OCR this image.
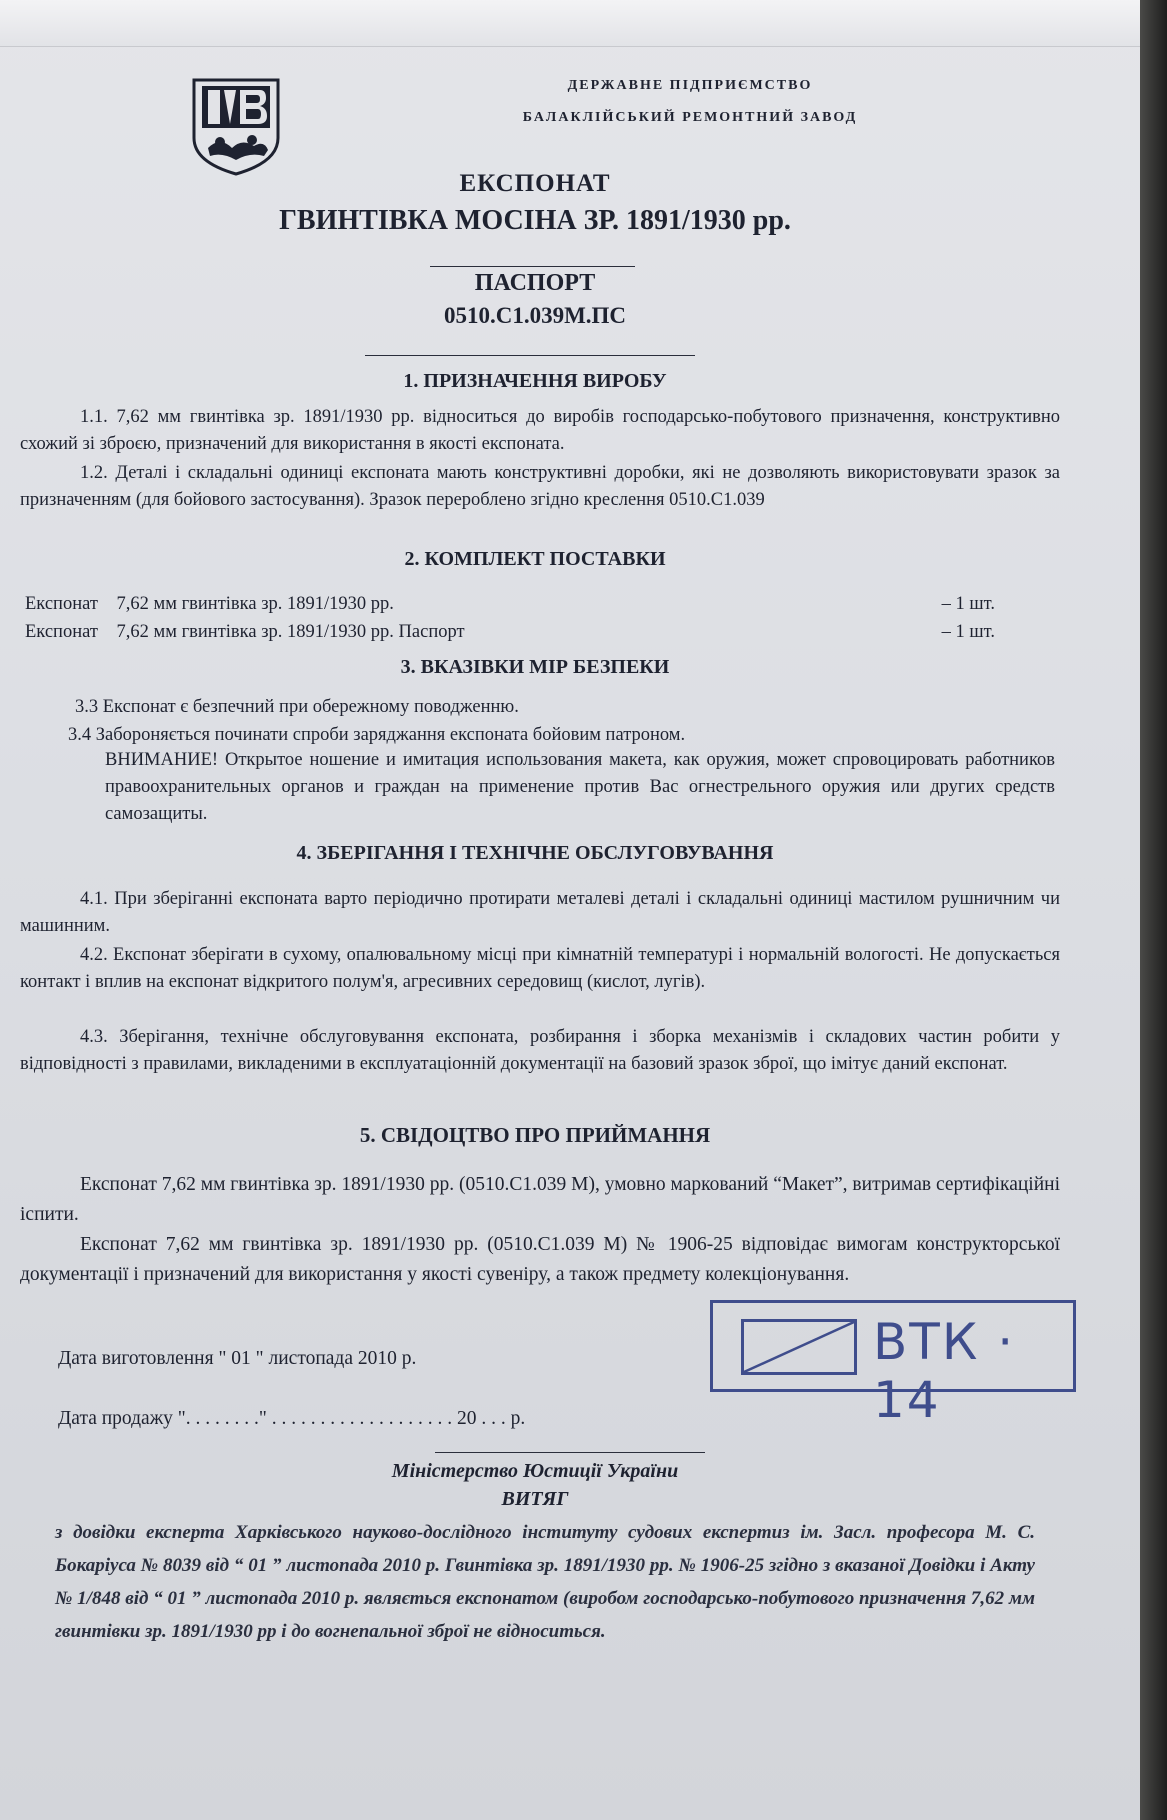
ДЕРЖАВНЕ ПІДПРИЄМСТВО
БАЛАКЛІЙСЬКИЙ РЕМОНТНИЙ ЗАВОД
ЕКСПОНАТ
ГВИНТІВКА МОСІНА ЗР. 1891/1930 рр.
ПАСПОРТ
0510.С1.039М.ПС
1. ПРИЗНАЧЕННЯ ВИРОБУ

1.1. 7,62 мм гвинтівка зр. 1891/1930 рр. відноситься до виробів господарсько-побутового призначення, конструктивно схожий зі зброєю, призначений для використання в якості експоната.

1.2. Деталі і складальні одиниці експоната мають конструктивні доробки, які не дозволяють використовувати зразок за призначенням (для бойового застосування). Зразок перероблено згідно креслення 0510.С1.039

2. КОМПЛЕКТ ПОСТАВКИ
Експонат 7,62 мм гвинтівка зр. 1891/1930 рр.	– 1 шт.
Експонат 7,62 мм гвинтівка зр. 1891/1930 рр. Паспорт	– 1 шт.
3. ВКАЗІВКИ МІР БЕЗПЕКИ

3.3 Експонат є безпечний при обережному поводженню.

3.4 Забороняється починати спроби заряджання експоната бойовим патроном.

ВНИМАНИЕ! Открытое ношение и имитация использования макета, как оружия, может спровоцировать работников правоохранительных органов и граждан на применение против Вас огнестрельного оружия или других средств самозащиты.

4. ЗБЕРІГАННЯ І ТЕХНІЧНЕ ОБСЛУГОВУВАННЯ

4.1. При зберіганні експоната варто періодично протирати металеві деталі і складальні одиниці мастилом рушничним чи машинним.

4.2. Експонат зберігати в сухому, опалювальному місці при кімнатній температурі і нормальній вологості. Не допускається контакт і вплив на експонат відкритого полум'я, агресивних середовищ (кислот, лугів).

4.3. Зберігання, технічне обслуговування експоната, розбирання і зборка механізмів і складових частин робити у відповідності з правилами, викладеними в експлуатаціонній документації на базовий зразок зброї, що імітує даний експонат.

5. СВІДОЦТВО ПРО ПРИЙМАННЯ

Експонат 7,62 мм гвинтівка зр. 1891/1930 рр. (0510.С1.039 М), умовно маркований “Макет”, витримав сертифікаційні іспити.

Експонат 7,62 мм гвинтівка зр. 1891/1930 рр. (0510.С1.039 М) № 1906-25 відповідає вимогам конструкторської документації і призначений для використання у якості сувеніру, а також предмету колекціонування.

Дата виготовлення " 01 " листопада 2010 р.
Дата продажу ". . . . . . . ." . . . . . . . . . . . . . . . . . . . 20 . . . р.
ВТК · 14
Міністерство Юстиції України
ВИТЯГ

з довідки експерта Харківського науково-дослідного інституту судових експертиз ім. Засл. професора М. С. Бокаріуса № 8039 від “ 01 ” листопада 2010 р. Гвинтівка зр. 1891/1930 рр. № 1906-25 згідно з вказаної Довідки і Акту № 1/848 від “ 01 ” листопада 2010 р. являється експонатом (виробом господарсько-побутового призначення 7,62 мм гвинтівки зр. 1891/1930 рр і до вогнепальної зброї не відноситься.
